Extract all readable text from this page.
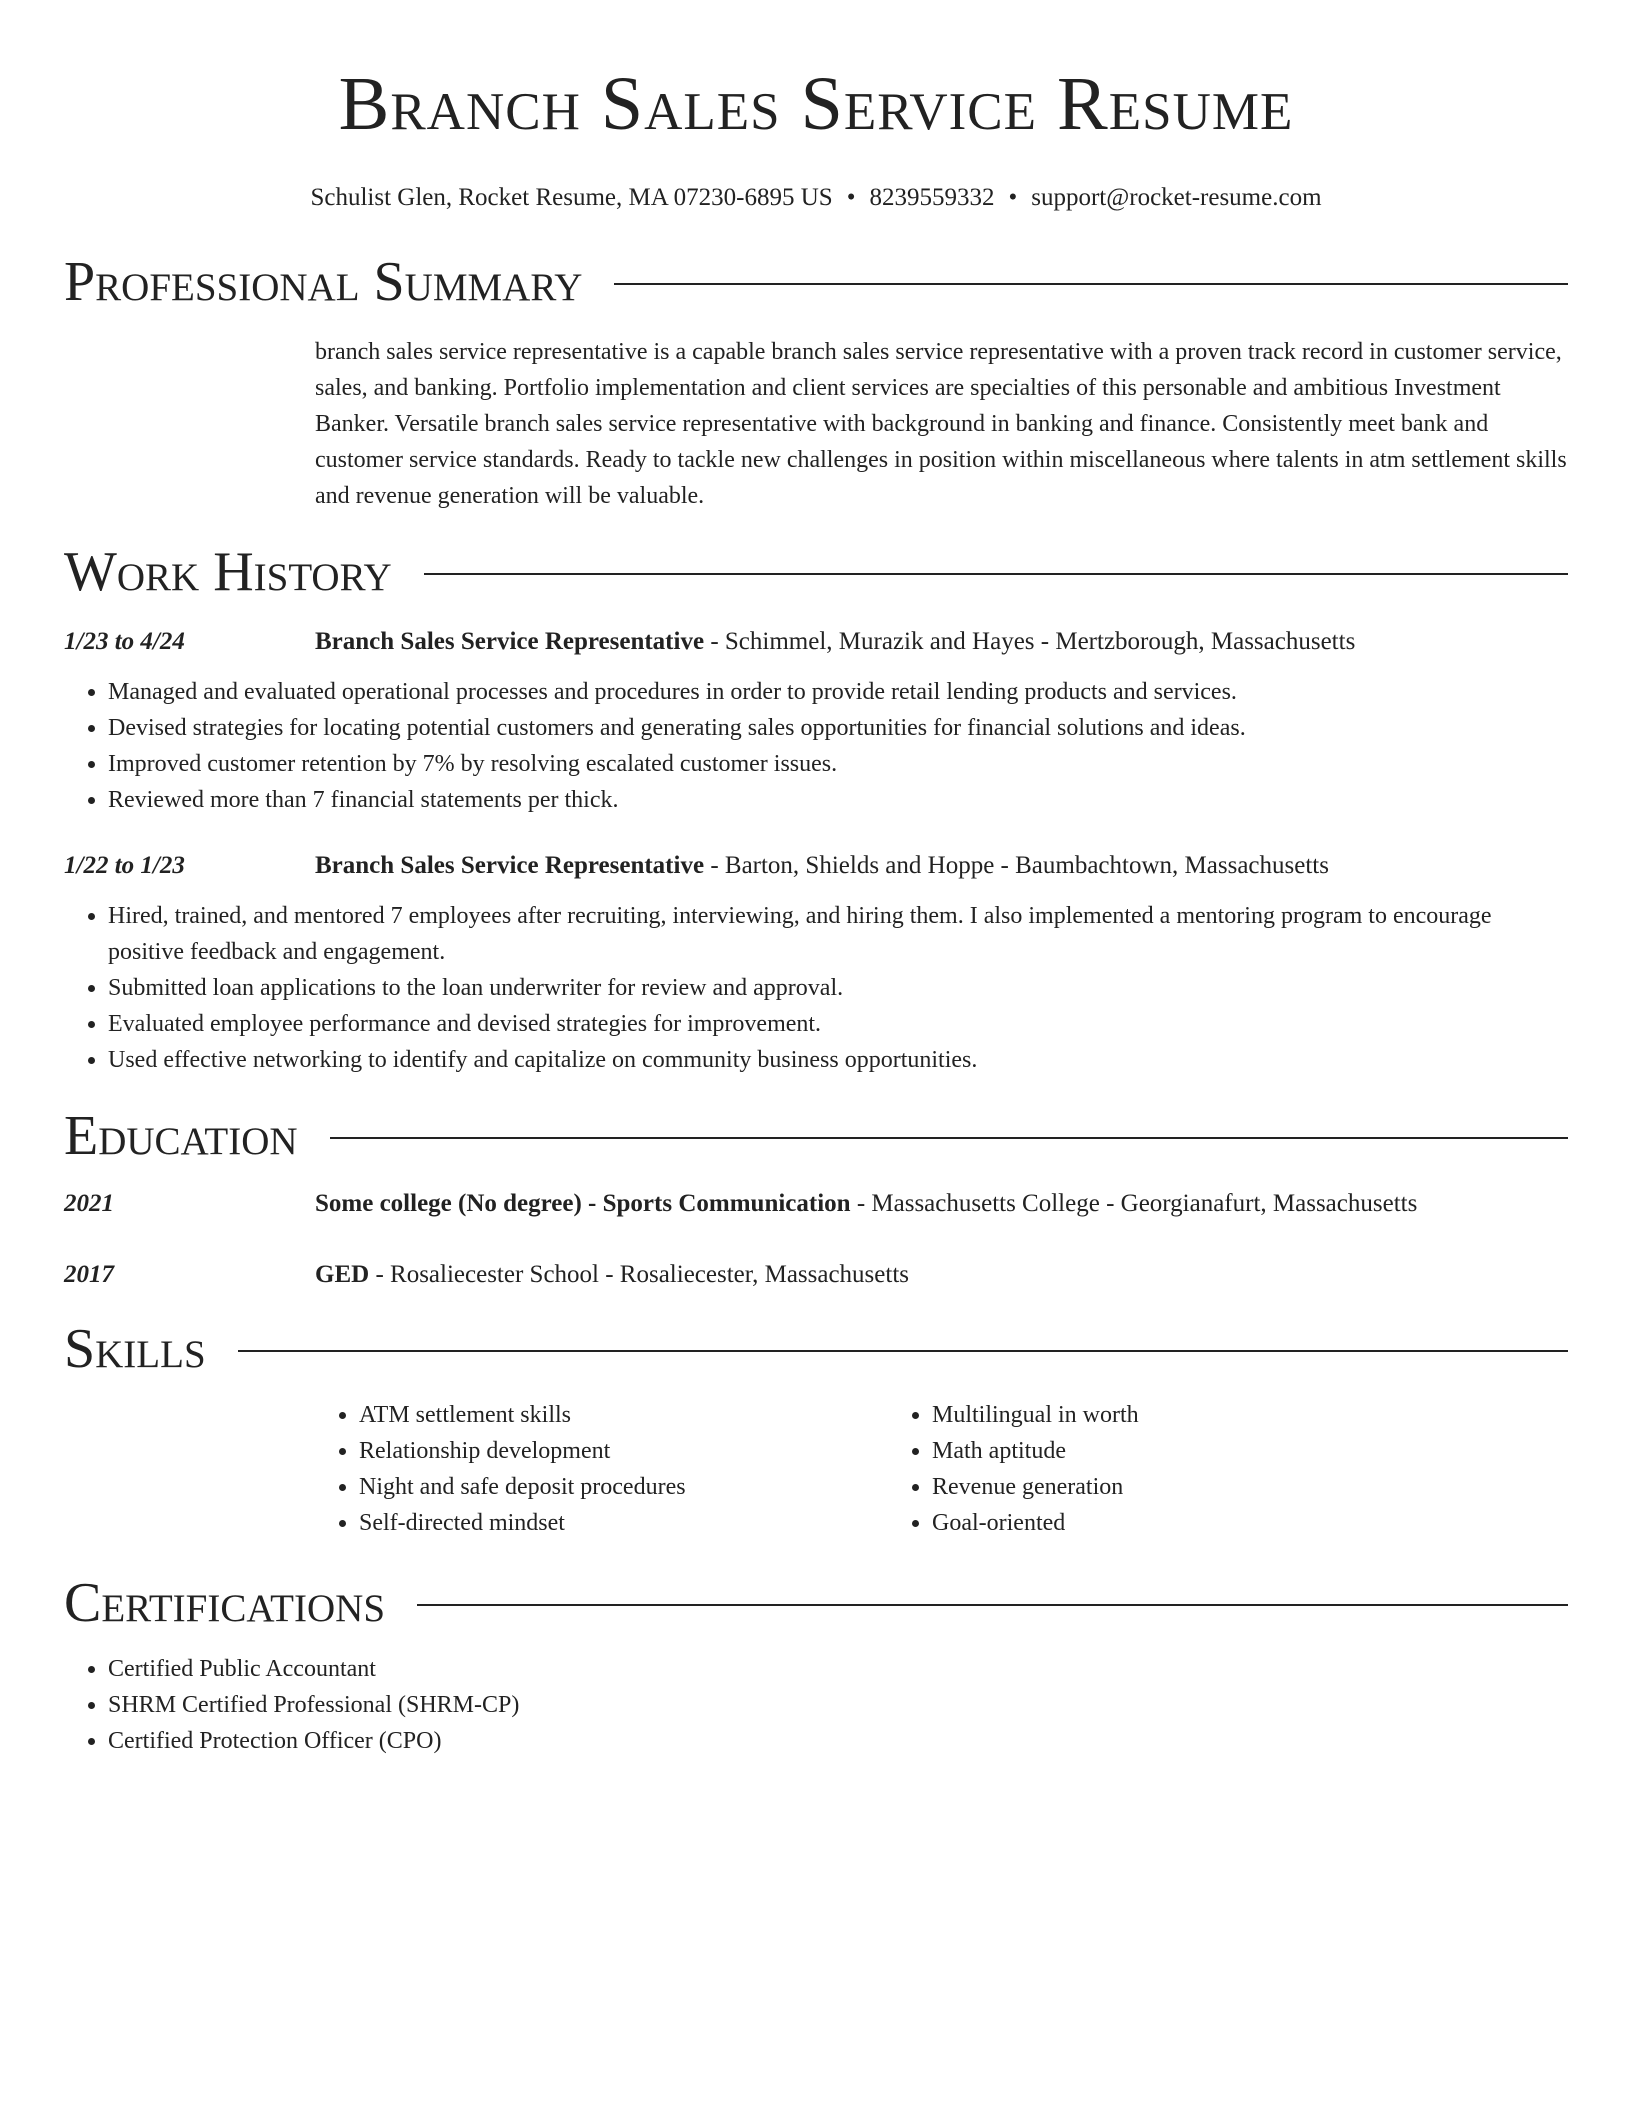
Branch Sales Service Resume
Schulist Glen, Rocket Resume, MA 07230-6895 US • 8239559332 • support@rocket-resume.com
Professional Summary

branch sales service representative is a capable branch sales service representative with a proven track record in customer service, sales, and banking. Portfolio implementation and client services are specialties of this personable and ambitious Investment Banker. Versatile branch sales service representative with background in banking and finance. Consistently meet bank and customer service standards. Ready to tackle new challenges in position within miscellaneous where talents in atm settlement skills and revenue generation will be valuable.

Work History
1/23 to 4/24	Branch Sales Service Representative - Schimmel, Murazik and Hayes - Mertzborough, Massachusetts
• Managed and evaluated operational processes and procedures in order to provide retail lending products and services.
• Devised strategies for locating potential customers and generating sales opportunities for financial solutions and ideas.
• Improved customer retention by 7% by resolving escalated customer issues.
• Reviewed more than 7 financial statements per thick.
1/22 to 1/23	Branch Sales Service Representative - Barton, Shields and Hoppe - Baumbachtown, Massachusetts
• Hired, trained, and mentored 7 employees after recruiting, interviewing, and hiring them. I also implemented a mentoring program to encourage positive feedback and engagement.
• Submitted loan applications to the loan underwriter for review and approval.
• Evaluated employee performance and devised strategies for improvement.
• Used effective networking to identify and capitalize on community business opportunities.
Education
2021	Some college (No degree) - Sports Communication - Massachusetts College - Georgianafurt, Massachusetts
2017	GED - Rosaliecester School - Rosaliecester, Massachusetts
Skills
• ATM settlement skills
• Relationship development
• Night and safe deposit procedures
• Self-directed mindset
• Multilingual in worth
• Math aptitude
• Revenue generation
• Goal-oriented
Certifications
• Certified Public Accountant
• SHRM Certified Professional (SHRM-CP)
• Certified Protection Officer (CPO)
